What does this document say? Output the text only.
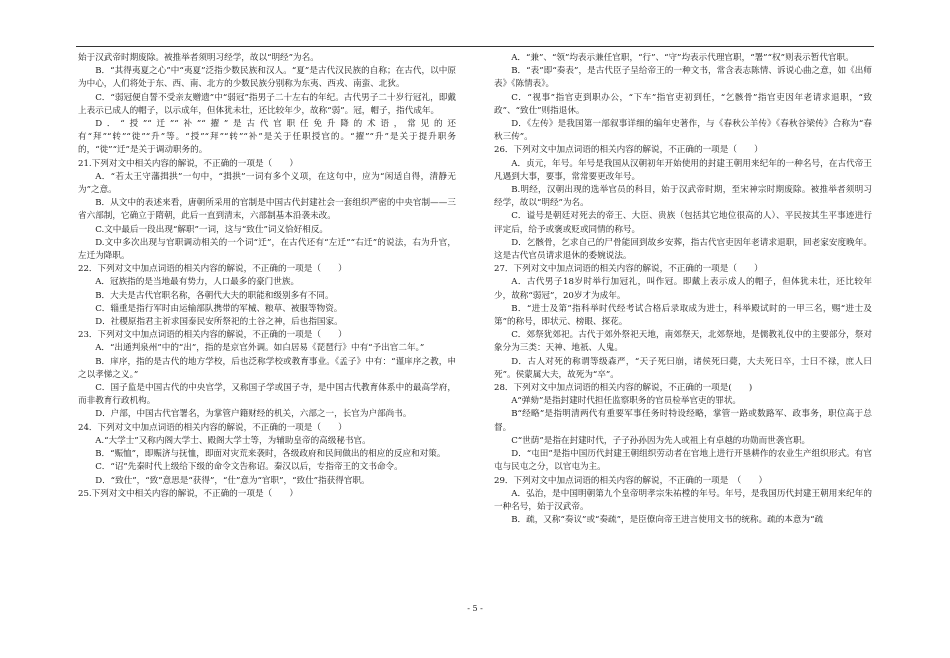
始于汉武帝时期废除。被推举者须明习经学，故以“明经”为名。

B．“其得夷夏之心”中“夷夏”泛指少数民族和汉人。“夏”是古代汉民族的自称；在古代，以中原为中心，人们将处于东、西、南、北方的少数民族分别称为东夷、西戎、南蛮、北狄。

C．“弱冠便自誓不受亲友赠遗”中“弱冠”指男子二十左右的年纪。古代男子二十岁行冠礼，即戴上表示已成人的帽子，以示成年，但体犹未壮，还比较年少，故称“弱”。冠，帽子，指代成年。

D．“授”“迁”“补”“擢”是古代官职任免升降的术语，常见的还有“拜”“转”“徙”“升”等。“授”“拜”“转”“补”是关于任职授官的。“擢”“升”是关于提升职务的，“徙”“迁”是关于调动职务的。

21.下列对文中相关内容的解说，不正确的一项是（　　）

A．“若太王守藩揖拱”一句中，“揖拱”一词有多个义项，在这句中，应为“闲适自得，清静无为”之意。

B．从文中的表述来看，唐朝所采用的官制是中国古代封建社会一套组织严密的中央官制——三省六部制，它确立于隋朝，此后一直到清末，六部制基本沿袭未改。

C.文中最后一段出现“解职”一词，这与“致仕”词义恰好相反。

D.文中多次出现与官职调动相关的一个词“迁”，在古代还有“左迁”“右迁”的说法，右为升官，左迁为降职。

22．下列对文中加点词语的相关内容的解说，不正确的一项是（　　）

A．冠族指的是当地最有势力，人口最多的豪门世族。

B．大夫是古代官职名称，各朝代大夫的职能和级别多有不同。

C．辎重是指行军时由运输部队携带的军械、粮草、被服等物资。

D．社稷原指君主祈求国泰民安所祭祀的土谷之神，后也指国家。

23．下列对文中加点词语的相关内容的解说，不正确的一项是（　　）

A．“出通判泉州”中的“出”，指的是京官外调。如白居易《琵琶行》中有“予出官二年。”

B．庠序，指的是古代的地方学校，后也泛称学校或教育事业。《孟子》中有：“谨庠序之教，申之以孝悌之义。”

C．国子监是中国古代的中央官学，又称国子学或国子寺，是中国古代教育体系中的最高学府，而非教育行政机构。

D．户部，中国古代官署名，为掌管户籍财经的机关，六部之一，长官为户部尚书。

24．下列对文中加点词语的相关内容的解说，不正确的一项是（　　）

A.“大学士”又称内阁大学士、殿阁大学士等，为辅助皇帝的高级秘书官。

B．“赈恤”，即赈济与抚恤，即面对灾荒来袭时，各级政府和民间做出的相应的反应和对策。

C．“诏”先秦时代上级给下级的命令文告称诏。秦汉以后，专指帝王的文书命令。

D．“致仕”，“致”意思是“获得”，“仕”意为“官职”，“致仕”指获得官职。

25.下列对文中相关内容的解说，不正确的一项是（　　）

A．“兼”、“领”均表示兼任官职，“行”、“守”均表示代理官职，“署”“权”则表示暂代官职。

B．“表”即“奏表”，是古代臣子呈给帝王的一种文书，常含表志陈情、诉说心曲之意，如《出师表》《陈情表》。

C．“视事”指官吏到职办公，“下车”指官吏初到任，“乞骸骨”指官吏因年老请求退职，“致政”、“致仕”则指退休。

D．《左传》是我国第一部叙事详细的编年史著作，与《春秋公羊传》《春秋谷梁传》合称为“春秋三传”。

26．下列对文中加点词语的相关内容的解说，不正确的一项是（　　）

A．贞元，年号。年号是我国从汉朝初年开始使用的封建王朝用来纪年的一种名号，在古代帝王凡遇到大事，要事，常常要更改年号。

B.明经，汉朝出现的选举官员的科目，始于汉武帝时期，至宋神宗时期废除。被推举者须明习经学，故以“明经”为名。

C．谥号是朝廷对死去的帝王、大臣、贵族（包括其它地位很高的人）、平民按其生平事迹进行评定后，给予或褒或贬或同情的称号。

D．乞骸骨，乞求自己的尸骨能回到故乡安葬，指古代官吏因年老请求退职，回老家安度晚年。这是古代官员请求退休的委婉说法。

27．下列对文中加点词语的相关内容的解说，不正确的一项是（　　）

A．古代男子18岁时举行加冠礼，叫作冠。即戴上表示成人的帽子，但体犹未壮，还比较年少，故称“弱冠”，20岁才为成年。

B．“进士及第”指科举时代经考试合格后录取成为进士，科举殿试时的一甲三名，赐“进士及第”的称号，即状元、榜眼、探花。

C．郊祭犹郊祀。古代于郊外祭祀天地，南郊祭天，北郊祭地，是儒教礼仪中的主要部分，祭对象分为三类：天神、地祇、人鬼。

D．古人对死的称谓等级森严，“天子死曰崩，诸侯死曰薨，大夫死曰卒，士曰不禄，庶人曰死”。侯蒙属大夫，故死为“卒”。

28．下列对文中加点词语的相关内容的解说，不正确的一项是(　　)

A“弹劾”是指封建时代担任监察职务的官员检举官吏的罪状。

B“经略”是指明清两代有重要军事任务时特设经略，掌管一路或数路军、政事务，职位高于总督。

C“世荫”是指在封建时代，子子孙孙因为先人或祖上有卓越的功勋而世袭官职。

D．“屯田”是指中国历代封建王朝组织劳动者在官地上进行开垦耕作的农业生产组织形式。有官屯与民屯之分，以官屯为主。

29．下列对文中加点词语的相关内容的解说，不正确的一项是　（　　）

A．弘治，是中国明朝第九个皇帝明孝宗朱祐樘的年号。年号，是我国历代封建王朝用来纪年的一种名号，始于汉武帝。

B．疏，又称“奏议”或“奏疏”，是臣僚向帝王进言使用文书的统称。疏的本意为“疏

- 5 -
